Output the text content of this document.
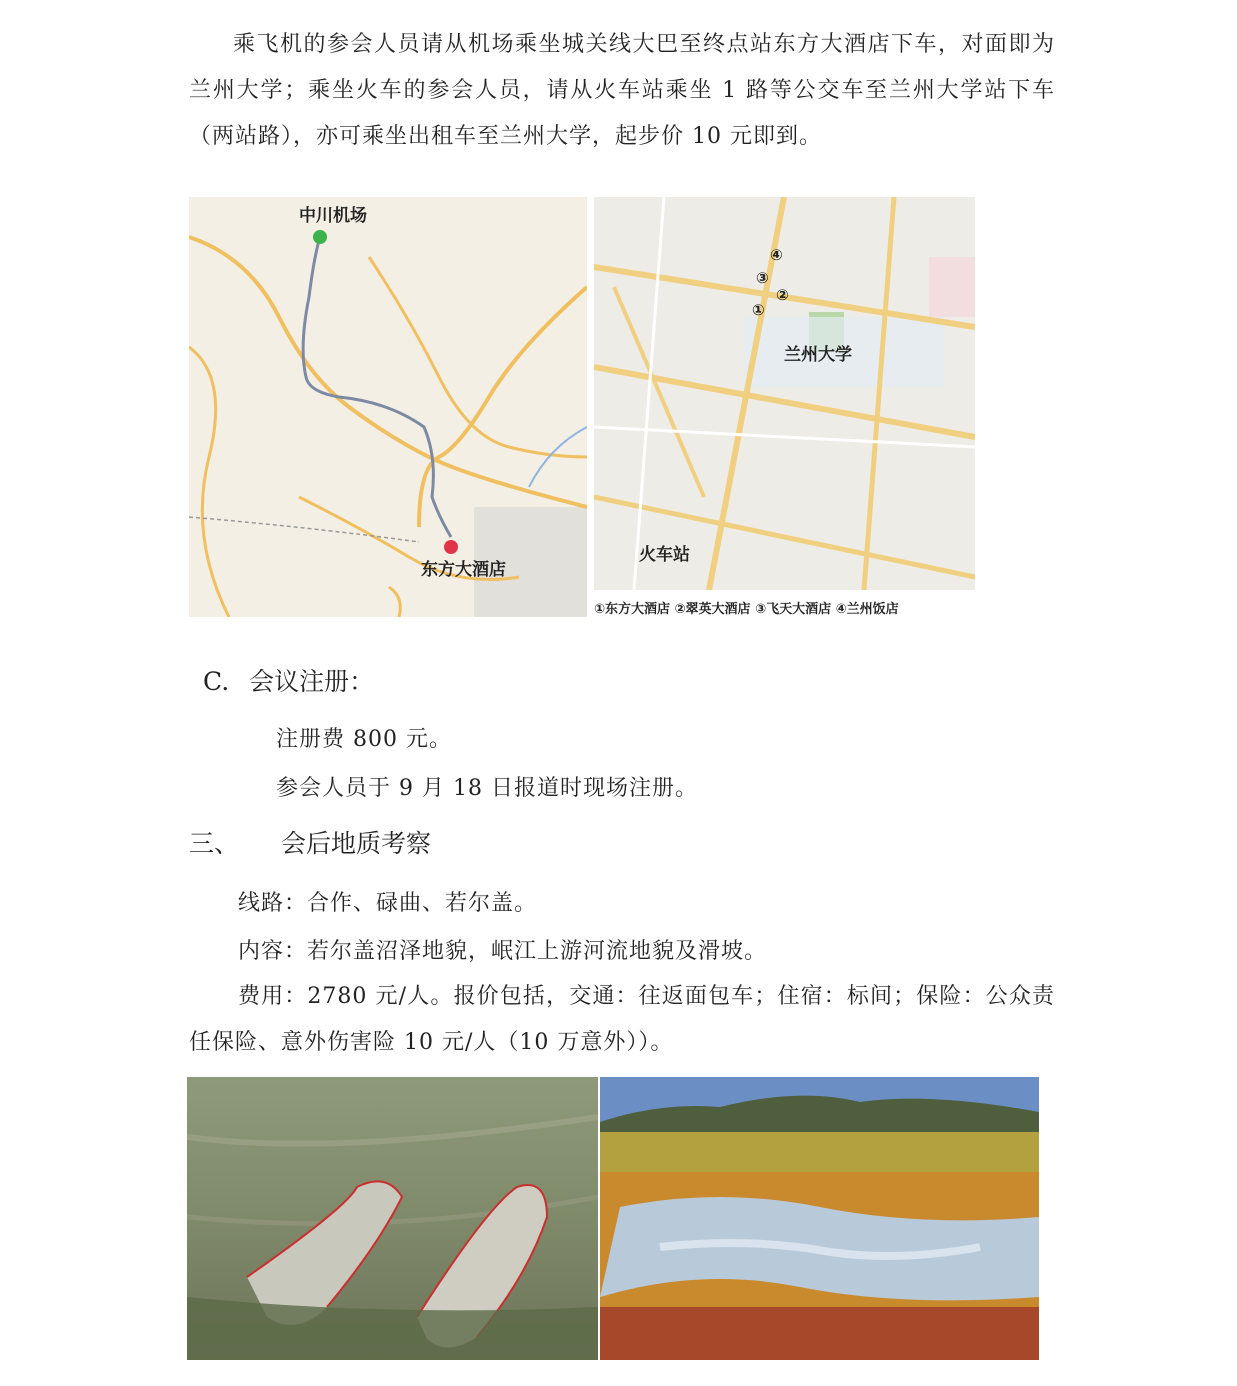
乘飞机的参会人员请从机场乘坐城关线大巴至终点站东方大酒店下车，对面即为兰州大学；乘坐火车的参会人员，请从火车站乘坐 1 路等公交车至兰州大学站下车（两站路），亦可乘坐出租车至兰州大学，起步价 10 元即到。

中川机场
东方大酒店
④
③
②
①
兰州大学
火车站
①东方大酒店 ②翠英大酒店 ③飞天大酒店 ④兰州饭店
C. 会议注册：
注册费 800 元。
参会人员于 9 月 18 日报道时现场注册。
三、 会后地质考察
线路：合作、碌曲、若尔盖。
内容：若尔盖沼泽地貌，岷江上游河流地貌及滑坡。

费用：2780 元/人。报价包括，交通：往返面包车；住宿：标间；保险：公众责任保险、意外伤害险 10 元/人（10 万意外））。
